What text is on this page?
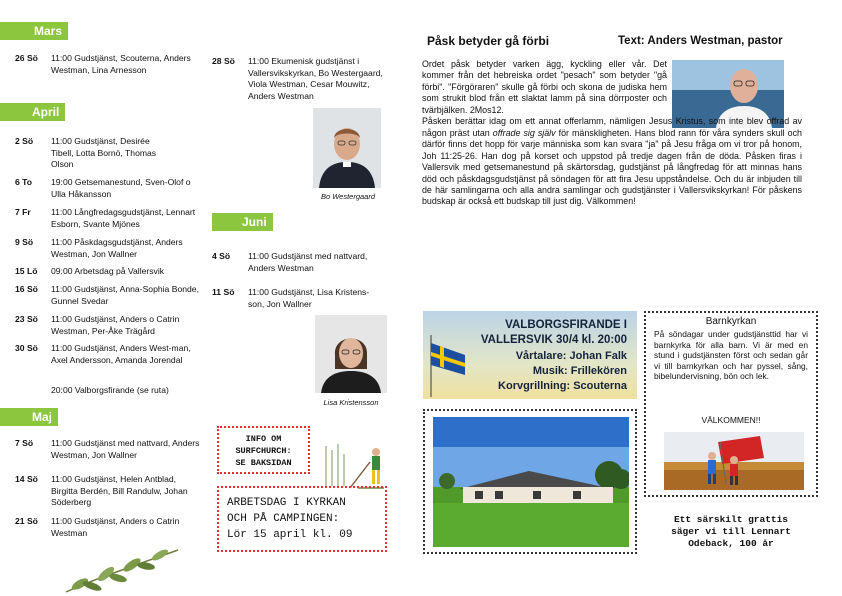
Mars
26 Sö 11:00 Gudstjänst, Scouterna, Anders Westman, Lina Arnesson
April
2 Sö 11:00 Gudstjänst, Desirée Tibell, Lotta Bornö, Thomas Olson
6 To 19:00 Getsemanestund, Sven-Olof o Ulla Håkansson
7 Fr 11:00 Långfredagsgudstjänst, Lennart Esborn, Svante Mjönes
9 Sö 11:00 Påskdagsgudstjänst, Anders Westman, Jon Wallner
15 Lö 09:00 Arbetsdag på Vallersvik
16 Sö 11:00 Gudstjänst, Anna-Sophia Bonde, Gunnel Svedar
23 Sö 11:00 Gudstjänst, Anders o Catrin Westman, Per-Åke Trägård
30 Sö 11:00 Gudstjänst, Anders West-man, Axel Andersson, Amanda Jorendal
20:00 Valborgsfirande (se ruta)
Maj
7 Sö 11:00 Gudstjänst med nattvard, Anders Westman, Jon Wallner
14 Sö 11:00 Gudstjänst, Helen Antblad, Birgitta Berdén, Bill Randulw, Johan Söderberg
21 Sö 11:00 Gudstjänst, Anders o Catrin Westman
28 Sö 11:00 Ekumenisk gudstjänst i Vallersvikskyrkan, Bo Westergaard, Viola Westman, Cesar Mouwitz, Anders Westman
Bo Westergaard
Juni
4 Sö 11:00 Gudstjänst med nattvard, Anders Westman
11 Sö 11:00 Gudstjänst, Lisa Kristens-son, Jon Wallner
Lisa Kristensson
INFO OM
SURFCHURCH:
SE BAKSIDAN
ARBETSDAG I KYRKAN
OCH PÅ CAMPINGEN:
Lör 15 april kl. 09
Påsk betyder gå förbi	Text: Anders Westman, pastor

Ordet påsk betyder varken ägg, kyckling eller vår. Det kommer från det hebreiska ordet "pesach" som betyder "gå förbi". "Förgöraren" skulle gå förbi och skona de judiska hem som strukit blod från ett slaktat lamm på sina dörrposter och tvärbjälken. 2Mos12.

Påsken berättar idag om ett annat offerlamm, nämligen Jesus Kristus, som inte blev offrad av någon präst utan offrade sig själv för mänskligheten. Hans blod rann för våra synders skull och därför finns det hopp för varje människa som kan svara "ja" på Jesu fråga om vi tror på honom, Joh 11:25-26. Han dog på korset och uppstod på tredje dagen från de döda. Påsken firas i Vallersvik med getsemanestund på skärtorsdag, gudstjänst på långfredag för att minnas hans död och påskdagsgudstjänst på söndagen för att fira Jesu uppståndelse. Och du är inbjuden till de här samlingarna och alla andra samlingar och gudstjänster i Vallersvikskyrkan! För påskens budskap är också ett budskap till just dig. Välkommen!

VALBORGSFIRANDE I
VALLERSVIK 30/4 kl. 20:00
Vårtalare: Johan Falk
Musik: Frillekören
Korvgrillning: Scouterna
Barnkyrkan
På söndagar under gudstjänsttid har vi barnkyrka för alla barn. Vi är med en stund i gudstjänsten först och sedan går vi till barnkyrkan och har pyssel, sång, bibelundervisning, bön och lek.
VÄLKOMMEN!!
Ett särskilt grattis
säger vi till Lennart
Odeback, 100 år
